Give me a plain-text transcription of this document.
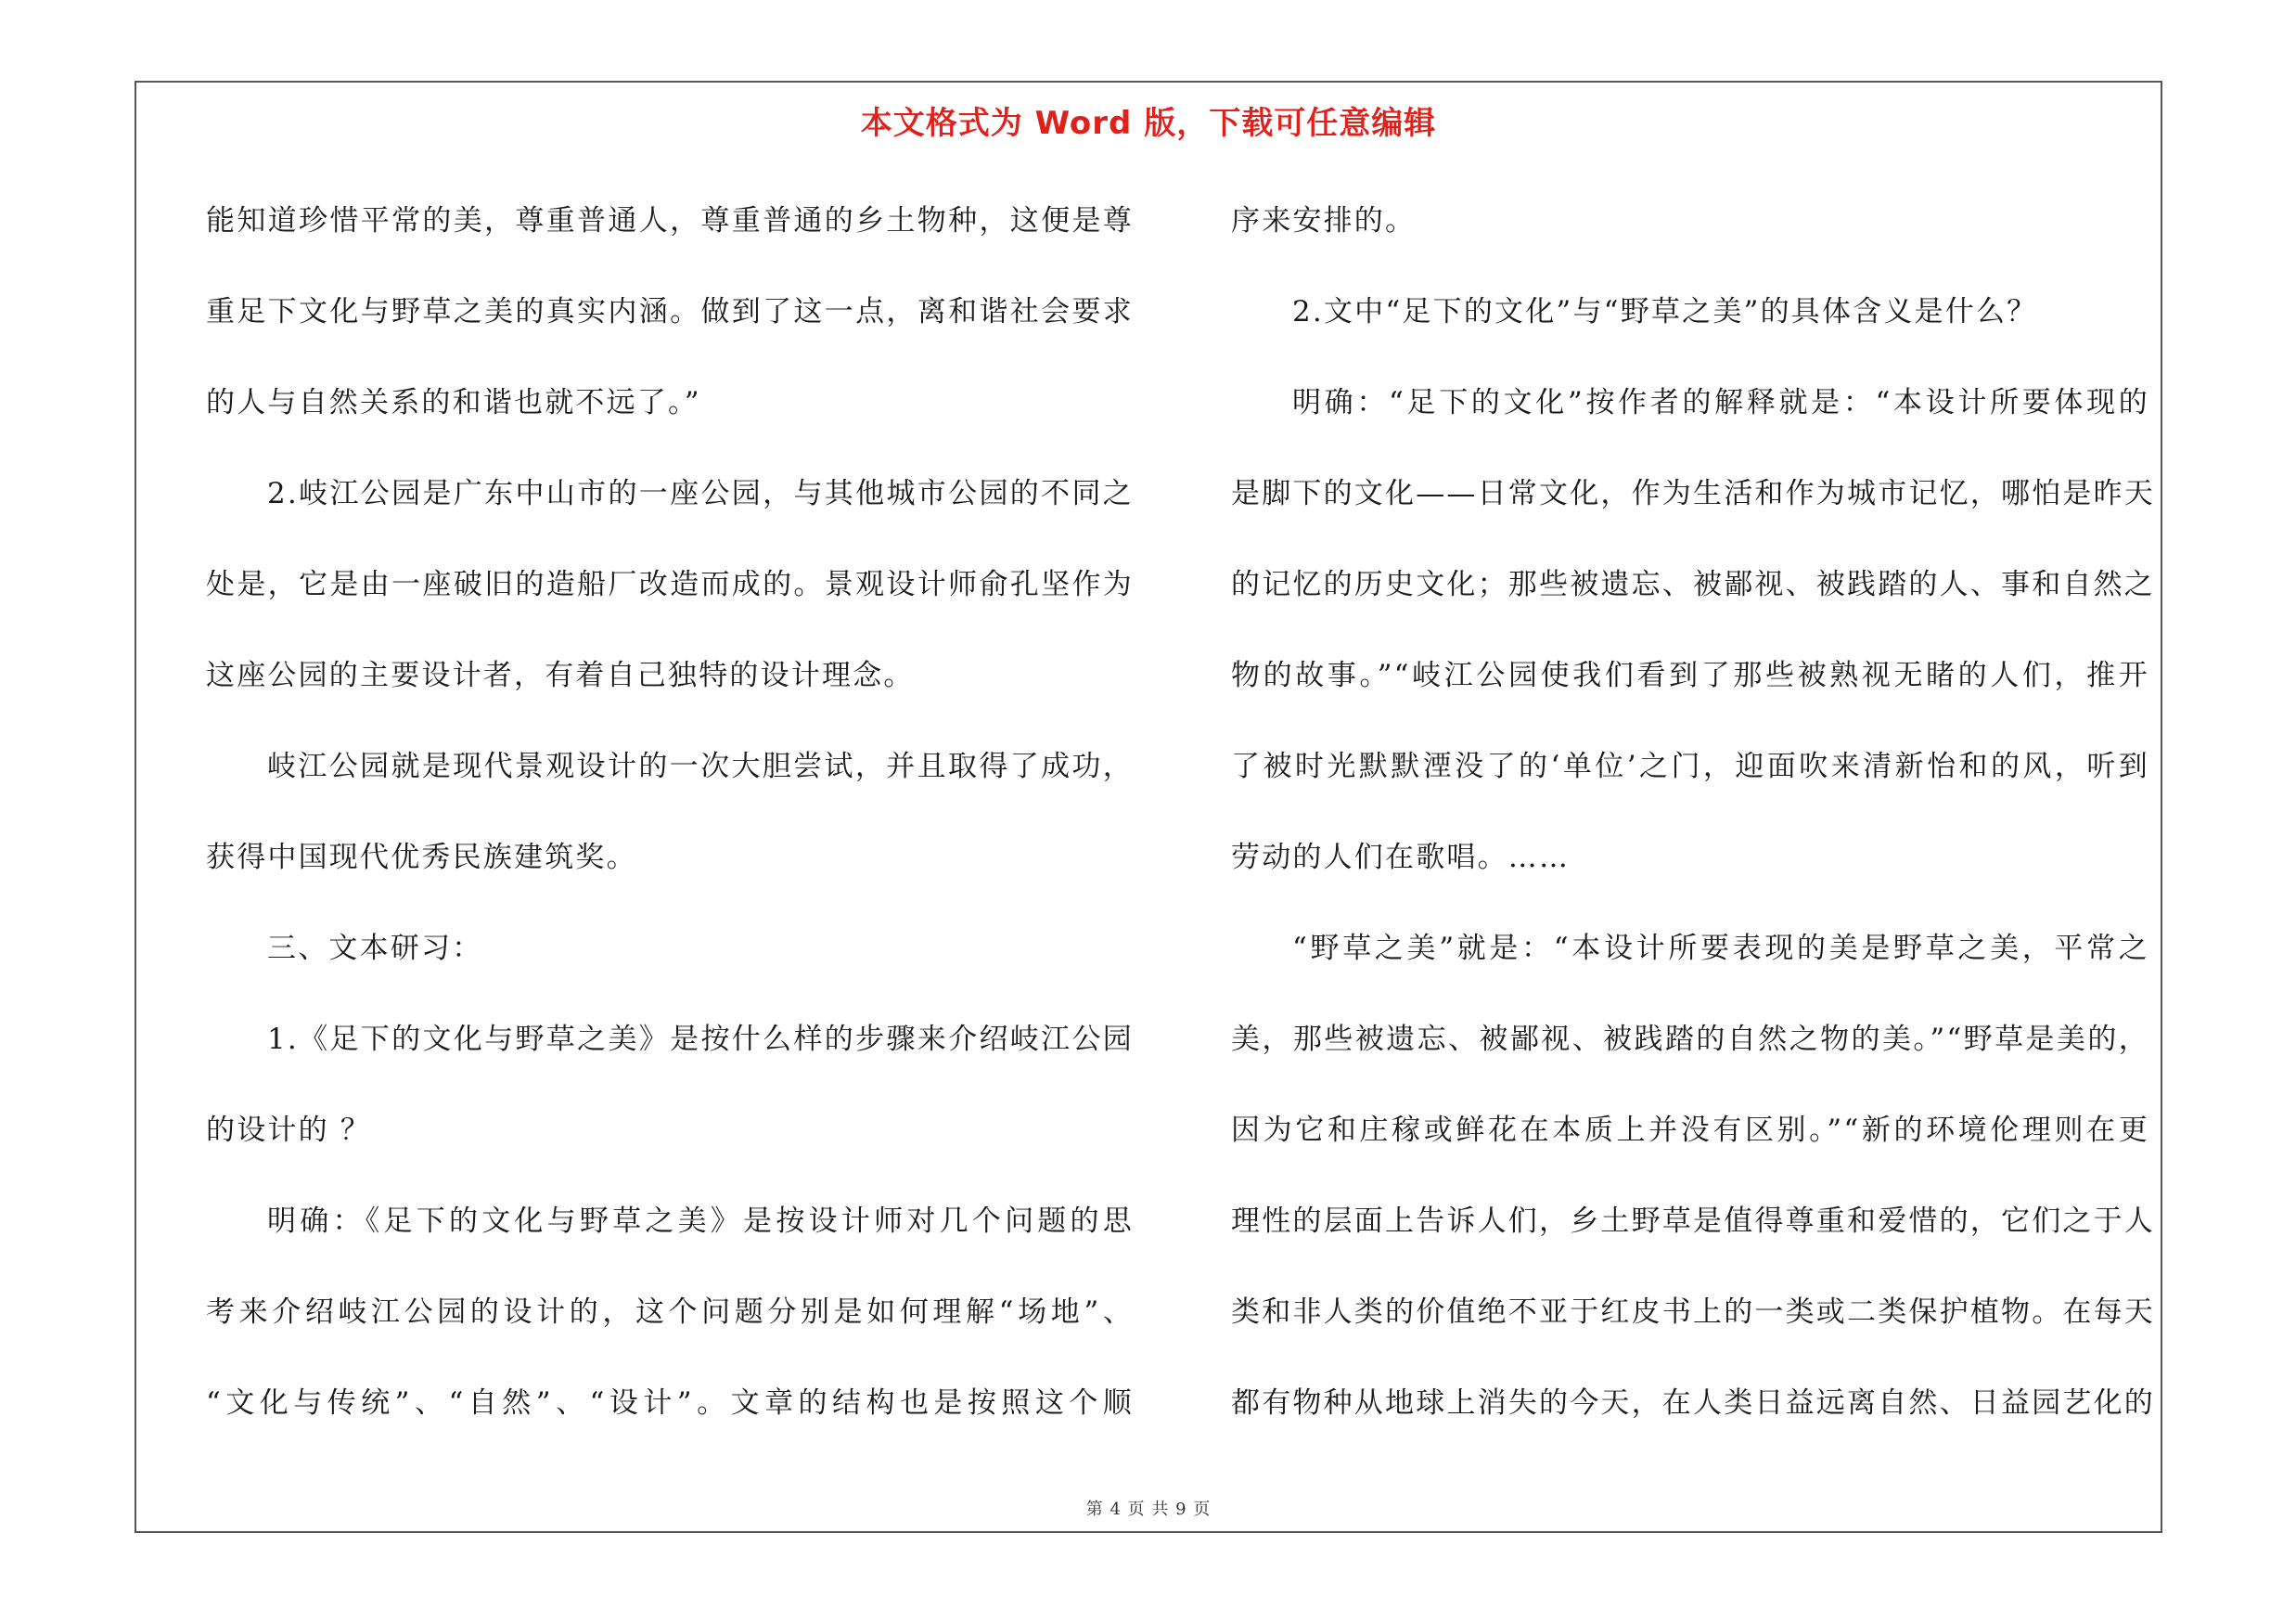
本文格式为 Word 版，下载可任意编辑
能知道珍惜平常的美，尊重普通人，尊重普通的乡土物种，这便是尊
重足下文化与野草之美的真实内涵。做到了这一点，离和谐社会要求
的人与自然关系的和谐也就不远了。”
2.岐江公园是广东中山市的一座公园，与其他城市公园的不同之
处是，它是由一座破旧的造船厂改造而成的。景观设计师俞孔坚作为
这座公园的主要设计者，有着自己独特的设计理念。
岐江公园就是现代景观设计的一次大胆尝试，并且取得了成功，
获得中国现代优秀民族建筑奖。
三、文本研习：
1.《足下的文化与野草之美》是按什么样的步骤来介绍岐江公园
的设计的 ？
明确：《足下的文化与野草之美》是按设计师对几个问题的思
考来介绍岐江公园的设计的，这个问题分别是如何理解“场地”、
“文化与传统”、“自然”、“设计”。文章的结构也是按照这个顺
序来安排的。
2.文中“足下的文化”与“野草之美”的具体含义是什么？
明确：“足下的文化”按作者的解释就是：“本设计所要体现的
是脚下的文化——日常文化，作为生活和作为城市记忆，哪怕是昨天
的记忆的历史文化；那些被遗忘、被鄙视、被践踏的人、事和自然之
物的故事。”“岐江公园使我们看到了那些被熟视无睹的人们，推开
了被时光默默湮没了的‘单位’之门，迎面吹来清新怡和的风，听到
劳动的人们在歌唱。……
“野草之美”就是：“本设计所要表现的美是野草之美，平常之
美，那些被遗忘、被鄙视、被践踏的自然之物的美。”“野草是美的，
因为它和庄稼或鲜花在本质上并没有区别。”“新的环境伦理则在更
理性的层面上告诉人们，乡土野草是值得尊重和爱惜的，它们之于人
类和非人类的价值绝不亚于红皮书上的一类或二类保护植物。在每天
都有物种从地球上消失的今天，在人类日益远离自然、日益园艺化的
第 4 页 共 9 页
